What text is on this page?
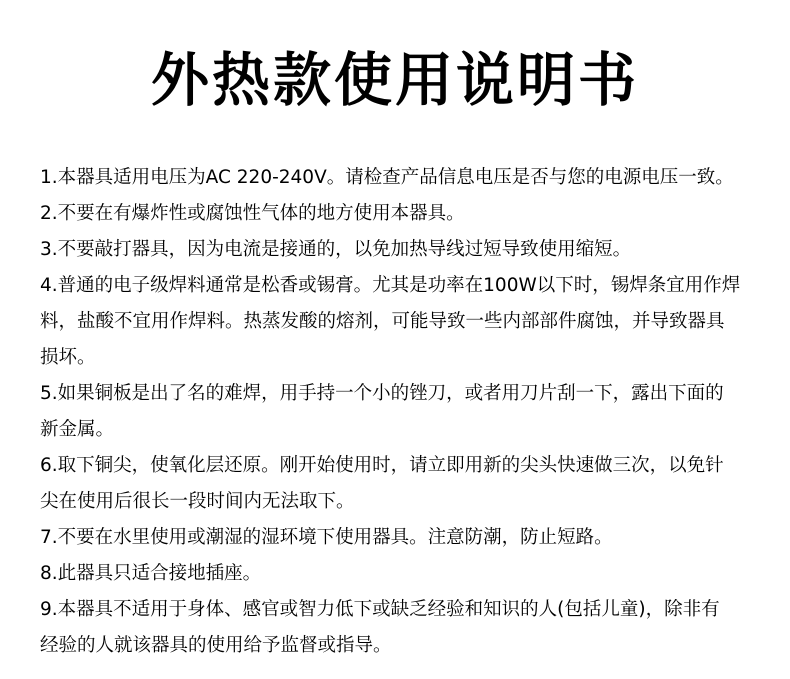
外热款使用说明书
1.本器具适用电压为AC 220-240V。请检查产品信息电压是否与您的电源电压一致。
2.不要在有爆炸性或腐蚀性气体的地方使用本器具。
3.不要敲打器具，因为电流是接通的，以免加热导线过短导致使用缩短。
4.普通的电子级焊料通常是松香或锡膏。尤其是功率在100W以下时，锡焊条宜用作焊
料，盐酸不宜用作焊料。热蒸发酸的熔剂，可能导致一些内部部件腐蚀，并导致器具
损坏。
5.如果铜板是出了名的难焊，用手持一个小的锉刀，或者用刀片刮一下，露出下面的
新金属。
6.取下铜尖，使氧化层还原。刚开始使用时，请立即用新的尖头快速做三次，以免针
尖在使用后很长一段时间内无法取下。
7.不要在水里使用或潮湿的湿环境下使用器具。注意防潮，防止短路。
8.此器具只适合接地插座。
9.本器具不适用于身体、感官或智力低下或缺乏经验和知识的人(包括儿童)，除非有
经验的人就该器具的使用给予监督或指导。
